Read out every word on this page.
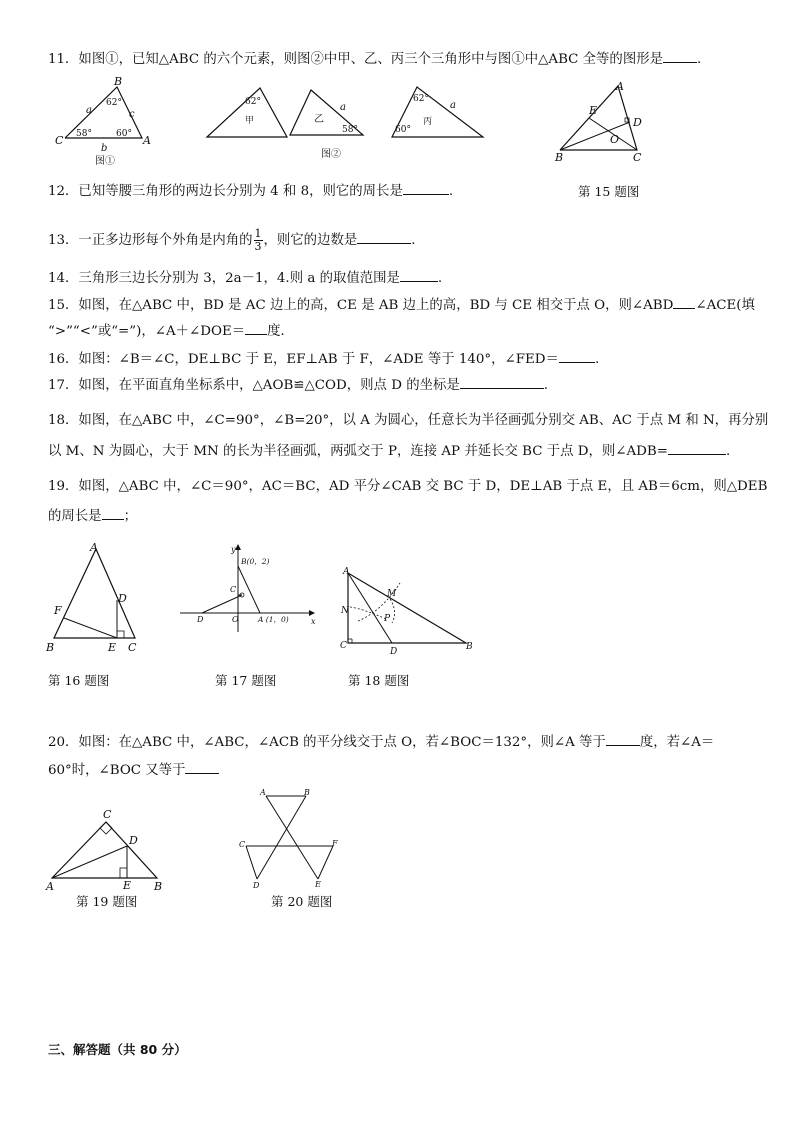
11．如图①，已知△ABC 的六个元素，则图②中甲、乙、丙三个三角形中与图①中△ABC 全等的图形是	.
B
C	A
a	c
b
62°
58°	60°
图①
62°
甲	乙
a
58°
62°
60°
丙
a
图②
A
B	C
D
E
O
12．已知等腰三角形的两边长分别为 4 和 8，则它的周长是	.	第 15 题图
13．一正多边形每个外角是内角的 $\frac{1}{3}$ ，则它的边数是	.
14．三角形三边长分别为 3，2a－1，4.则 a 的取值范围是	.
15．如图，在△ABC 中，BD 是 AC 边上的高，CE 是 AB 边上的高，BD 与 CE 相交于点 O，则∠ABD ∠ACE(填
“>”“<”或“=”)，∠A＋∠DOE＝ 度．
16．如图：∠B＝∠C，DE⊥BC 于 E，EF⊥AB 于 F，∠ADE 等于 140°，∠FED＝	.
17．如图，在平面直角坐标系中，△AOB≌△COD，则点 D 的坐标是	.
18．如图，在△ABC 中，∠C=90°，∠B=20°，以 A 为圆心，任意长为半径画弧分别交 AB、AC 于点 M 和 N，再分别
以 M、N 为圆心，大于 MN 的长为半径画弧，两弧交于 P，连接 AP 并延长交 BC 于点 D，则∠ADB=	.
19．如图，△ABC 中，∠C＝90°，AC＝BC，AD 平分∠CAB 交 BC 于 D，DE⊥AB 于点 E，且 AB＝6cm，则△DEB
的周长是 ；
A
B	C
D
E
F
y
x
B(0，2)
C
D	O	A (1，0)
A
C
D	B
M
N
P
第 16 题图	第 17 题图	第 18 题图
20．如图：在△ABC 中，∠ABC，∠ACB 的平分线交于点 O，若∠BOC＝132°，则∠A 等于	度，若∠A＝
60°时，∠BOC 又等于
C
D
A	E B
A	B
C
D	E
F
第 19 题图	第 20 题图
三、解答题（共 80 分）
